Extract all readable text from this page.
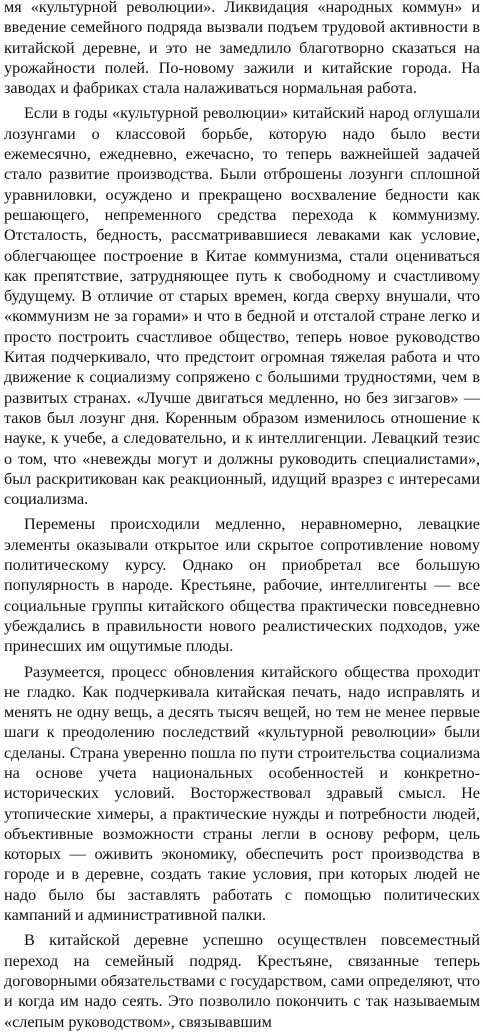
мя «культурной революции». Ликвидация «народных коммун» и введение семейного подряда вызвали подъем трудовой активности в китайской деревне, и это не замедлило благотворно сказаться на урожайности полей. По-новому зажили и китайские города. На заводах и фабриках стала налаживаться нормальная работа.

Если в годы «культурной революции» китайский народ оглушали лозунгами о классовой борьбе, которую надо было вести ежемесячно, ежедневно, ежечасно, то теперь важнейшей задачей стало развитие производства. Были отброшены лозунги сплошной уравниловки, осуждено и прекращено восхваление бедности как решающего, непременного средства перехода к коммунизму. Отсталость, бедность, рассматривавшиеся леваками как условие, облегчающее построение в Китае коммунизма, стали оцениваться как препятствие, затрудняющее путь к свободному и счастливому будущему. В отличие от старых времен, когда сверху внушали, что «коммунизм не за горами» и что в бедной и отсталой стране легко и просто построить счастливое общество, теперь новое руководство Китая подчеркивало, что предстоит огромная тяжелая работа и что движение к социализму сопряжено с большими трудностями, чем в развитых странах. «Лучше двигаться медленно, но без зигзагов» — таков был лозунг дня. Коренным образом изменилось отношение к науке, к учебе, а следовательно, и к интеллигенции. Левацкий тезис о том, что «невежды могут и должны руководить специалистами», был раскритикован как реакционный, идущий вразрез с интересами социализма.

Перемены происходили медленно, неравномерно, левацкие элементы оказывали открытое или скрытое сопротивление новому политическому курсу. Однако он приобретал все большую популярность в народе. Крестьяне, рабочие, интеллигенты — все социальные группы китайского общества практически повседневно убеждались в правильности нового реалистических подходов, уже принесших им ощутимые плоды.

Разумеется, процесс обновления китайского общества проходит не гладко. Как подчеркивала китайская печать, надо исправлять и менять не одну вещь, а десять тысяч вещей, но тем не менее первые шаги к преодолению последствий «культурной революции» были сделаны. Страна уверенно пошла по пути строительства социализма на основе учета национальных особенностей и конкретно-исторических условий. Восторжествовал здравый смысл. Не утопические химеры, а практические нужды и потребности людей, объективные возможности страны легли в основу реформ, цель которых — оживить экономику, обеспечить рост производства в городе и в деревне, создать такие условия, при которых людей не надо было бы заставлять работать с помощью политических кампаний и административной палки.

В китайской деревне успешно осуществлен повсеместный переход на семейный подряд. Крестьяне, связанные теперь договорными обязательствами с государством, сами определяют, что и когда им надо сеять. Это позволило покончить с так называемым «слепым руководством», связывавшим
